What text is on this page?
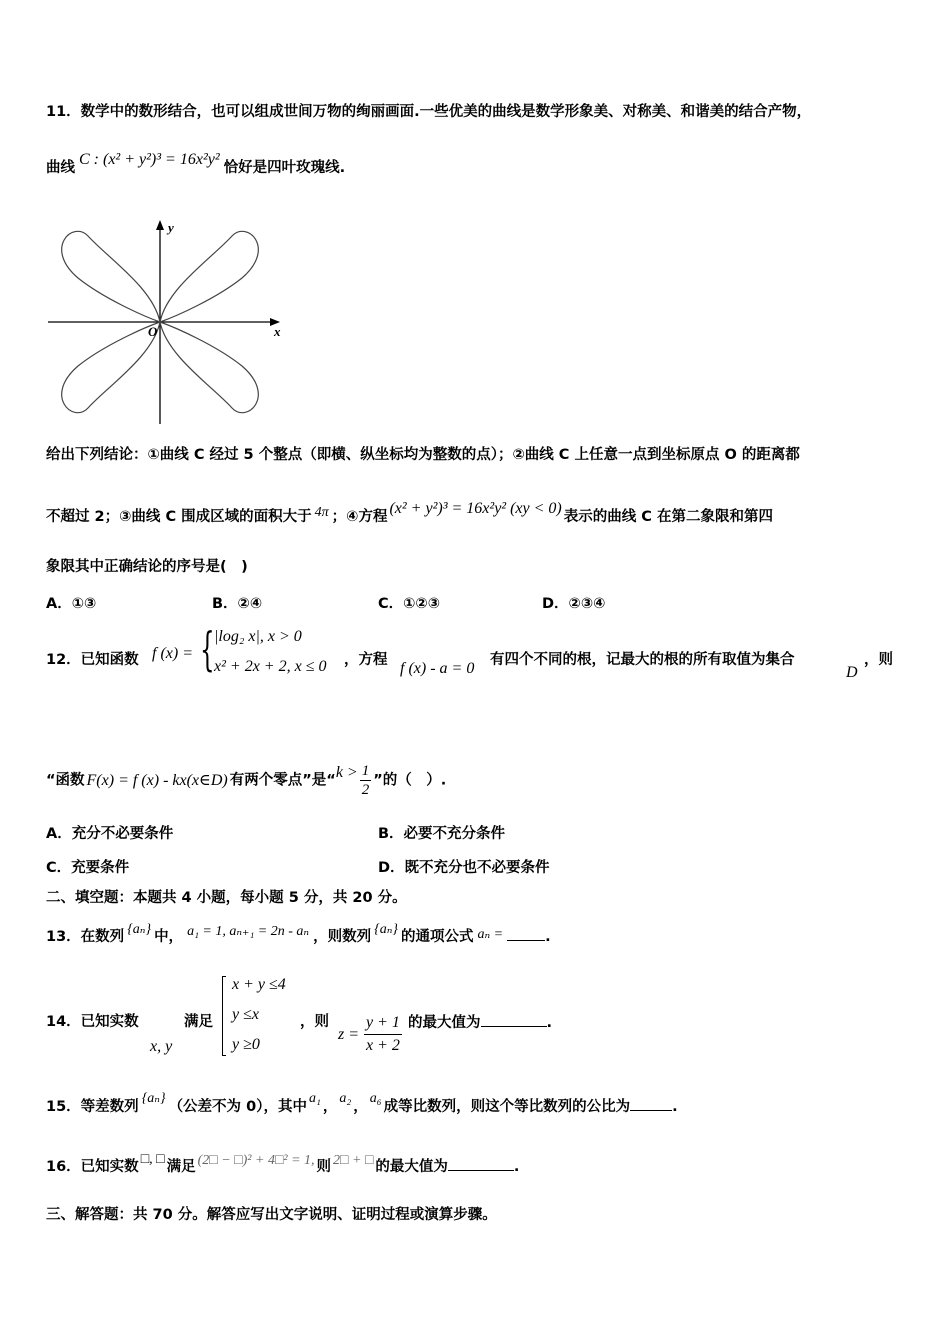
11．数学中的数形结合，也可以组成世间万物的绚丽画面.一些优美的曲线是数学形象美、对称美、和谐美的结合产物，
曲线 C : (x² + y²)³ = 16x²y² 恰好是四叶玫瑰线.
y
x
O
给出下列结论：①曲线 C 经过 5 个整点（即横、纵坐标均为整数的点）；②曲线 C 上任意一点到坐标原点 O 的距离都
不超过 2；③曲线 C 围成区域的面积大于 4π ；④方程 (x² + y²)³ = 16x²y² (xy < 0) 表示的曲线 C 在第二象限和第四
象限其中正确结论的序号是(　)
A．①③	B．②④	C．①②③	D．②③④
12．已知函数 f (x) = { |log₂ x|, x > 0
x² + 2x + 2, x ≤ 0 ，方程 f (x) - a = 0 有四个不同的根，记最大的根的所有取值为集合
D
，则
“函数 F(x) = f (x) - kx(x∈D) 有两个零点”是“$k > \frac{1}{2}$ ”的（　）.
A．充分不必要条件	B．必要不充分条件
C．充要条件	D．既不充分也不必要条件
二、填空题：本题共 4 小题，每小题 5 分，共 20 分。
13．在数列 {aₙ} 中， a₁ = 1, aₙ₊₁ = 2n - aₙ ，则数列 {aₙ} 的通项公式 aₙ =	.
14．已知实数
x, y
满足
x + y ≤4
y ≤x
y ≥0
，则
$z = \frac{y + 1}{x + 2}$ 的最大值为	.
15．等差数列{aₙ}（公差不为 0），其中a₁，a₂，a₆成等比数列，则这个等比数列的公比为	.
16．已知实数 □, □ 满足 (2□ − □)² + 4□² = 1, 则 2□ + □ 的最大值为	.
三、解答题：共 70 分。解答应写出文字说明、证明过程或演算步骤。
